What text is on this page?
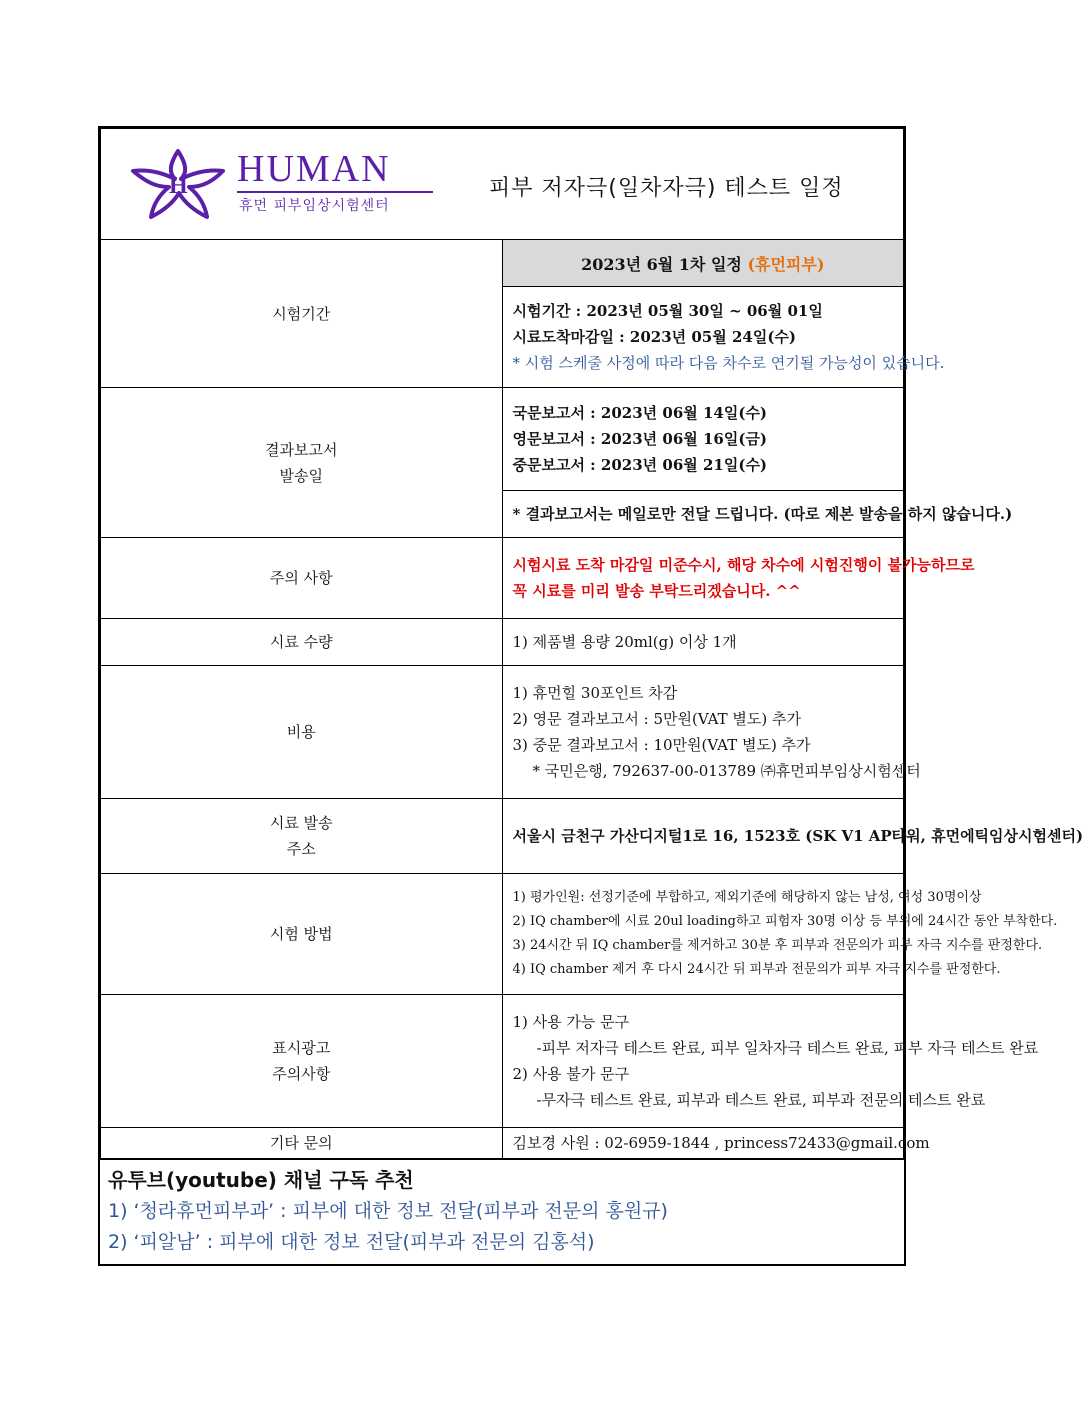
H HUMAN
휴먼 피부임상시험센터
피부 저자극(일차자극) 테스트 일정	

시험기간	2023년 6월 1차 일정 (휴먼피부)

	시험기간 : 2023년 05월 30일 ~ 06월 01일
시료도착마감일 : 2023년 05월 24일(수)
* 시험 스케줄 사정에 따라 다음 차수로 연기될 가능성이 있습니다.

결과보고서
발송일	국문보고서 : 2023년 06월 14일(수)
영문보고서 : 2023년 06월 16일(금)
중문보고서 : 2023년 06월 21일(수)

	* 결과보고서는 메일로만 전달 드립니다. (따로 제본 발송을 하지 않습니다.)

주의 사항	시험시료 도착 마감일 미준수시, 해당 차수에 시험진행이 불가능하므로
꼭 시료를 미리 발송 부탁드리겠습니다. ^^

시료 수량	1) 제품별 용량 20ml(g) 이상 1개

비용	1) 휴먼힐 30포인트 차감
2) 영문 결과보고서 : 5만원(VAT 별도) 추가
3) 중문 결과보고서 : 10만원(VAT 별도) 추가
* 국민은행, 792637-00-013789 ㈜휴먼피부임상시험센터

시료 발송
주소	서울시 금천구 가산디지털1로 16, 1523호 (SK V1 AP타워, 휴먼에틱임상시험센터)

시험 방법	1) 평가인원: 선정기준에 부합하고, 제외기준에 해당하지 않는 남성, 여성 30명이상
2) IQ chamber에 시료 20ul loading하고 피험자 30명 이상 등 부위에 24시간 동안 부착한다.
3) 24시간 뒤 IQ chamber를 제거하고 30분 후 피부과 전문의가 피부 자극 지수를 판정한다.
4) IQ chamber 제거 후 다시 24시간 뒤 피부과 전문의가 피부 자극 지수를 판정한다.

표시광고
주의사항	1) 사용 가능 문구
-피부 저자극 테스트 완료, 피부 일차자극 테스트 완료, 피부 자극 테스트 완료
2) 사용 불가 문구
-무자극 테스트 완료, 피부과 테스트 완료, 피부과 전문의 테스트 완료

기타 문의	김보경 사원 : 02-6959-1844 , princess72433@gmail.com
유투브(youtube) 채널 구독 추천
1) ‘청라휴먼피부과’ : 피부에 대한 정보 전달(피부과 전문의 홍원규)
2) ‘피알남’ : 피부에 대한 정보 전달(피부과 전문의 김홍석)
